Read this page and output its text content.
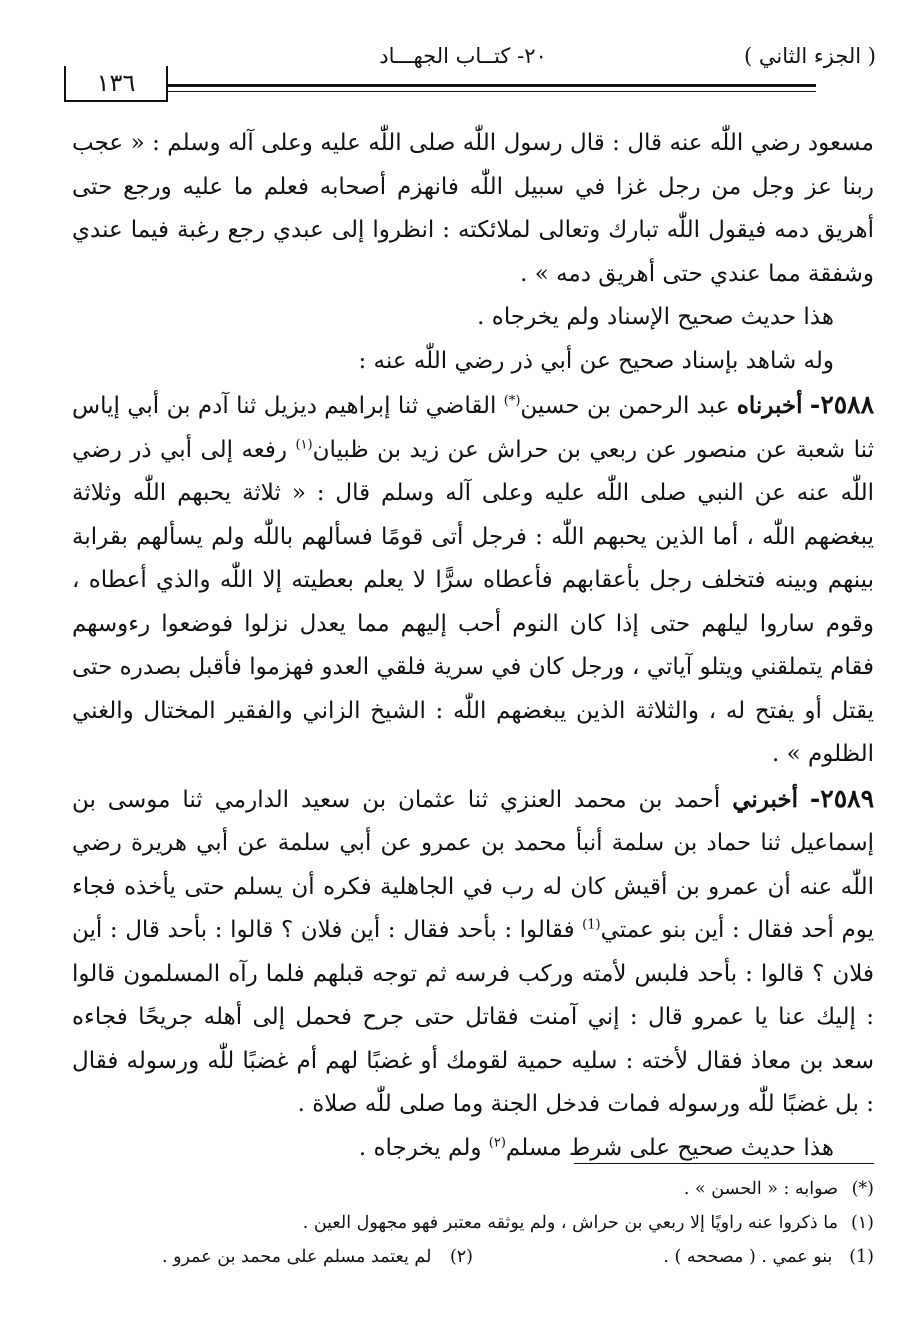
( الجزء الثاني )
٢٠- كتــاب الجهـــاد
١٣٦

مسعود رضي اللّٰه عنه قال : قال رسول اللّٰه صلى اللّٰه عليه وعلى آله وسلم : « عجب ربنا عز وجل من رجل غزا في سبيل اللّٰه فانهزم أصحابه فعلم ما عليه ورجع حتى أهريق دمه فيقول اللّٰه تبارك وتعالى لملائكته : انظروا إلى عبدي رجع رغبة فيما عندي وشفقة مما عندي حتى أهريق دمه » .

هذا حديث صحيح الإسناد ولم يخرجاه .

وله شاهد بإسناد صحيح عن أبي ذر رضي اللّٰه عنه :

٢٥٨٨- أخبرناه عبد الرحمن بن حسين(*) القاضي ثنا إبراهيم ديزيل ثنا آدم بن أبي إياس ثنا شعبة عن منصور عن ربعي بن حراش عن زيد بن ظبيان$^{(١)}$ رفعه إلى أبي ذر رضي اللّٰه عنه عن النبي صلى اللّٰه عليه وعلى آله وسلم قال : « ثلاثة يحبهم اللّٰه وثلاثة يبغضهم اللّٰه ، أما الذين يحبهم اللّٰه : فرجل أتى قومًا فسألهم باللّٰه ولم يسألهم بقرابة بينهم وبينه فتخلف رجل بأعقابهم فأعطاه سرًّا لا يعلم بعطيته إلا اللّٰه والذي أعطاه ، وقوم ساروا ليلهم حتى إذا كان النوم أحب إليهم مما يعدل نزلوا فوضعوا رءوسهم فقام يتملقني ويتلو آياتي ، ورجل كان في سرية فلقي العدو فهزموا فأقبل بصدره حتى يقتل أو يفتح له ، والثلاثة الذين يبغضهم اللّٰه : الشيخ الزاني والفقير المختال والغني الظلوم » .

٢٥٨٩- أخبرني أحمد بن محمد العنزي ثنا عثمان بن سعيد الدارمي ثنا موسى بن إسماعيل ثنا حماد بن سلمة أنبأ محمد بن عمرو عن أبي سلمة عن أبي هريرة رضي اللّٰه عنه أن عمرو بن أقيش كان له رب في الجاهلية فكره أن يسلم حتى يأخذه فجاء يوم أحد فقال : أين بنو عمتي$^{(1)}$ فقالوا : بأحد فقال : أين فلان ؟ قالوا : بأحد قال : أين فلان ؟ قالوا : بأحد فلبس لأمته وركب فرسه ثم توجه قبلهم فلما رآه المسلمون قالوا : إليك عنا يا عمرو قال : إني آمنت فقاتل حتى جرح فحمل إلى أهله جريحًا فجاءه سعد بن معاذ فقال لأخته : سليه حمية لقومك أو غضبًا لهم أم غضبًا للّٰه ورسوله فقال : بل غضبًا للّٰه ورسوله فمات فدخل الجنة وما صلى للّٰه صلاة .

هذا حديث صحيح على شرط مسلم$^{(٢)}$ ولم يخرجاه .

(*)
صوابه : « الحسن » .
(١)
ما ذكروا عنه راويًا إلا ربعي بن حراش ، ولم يوثقه معتبر فهو مجهول العين .
(1) بنو عمي . ( مصححه ) .
(٢) لم يعتمد مسلم على محمد بن عمرو .
